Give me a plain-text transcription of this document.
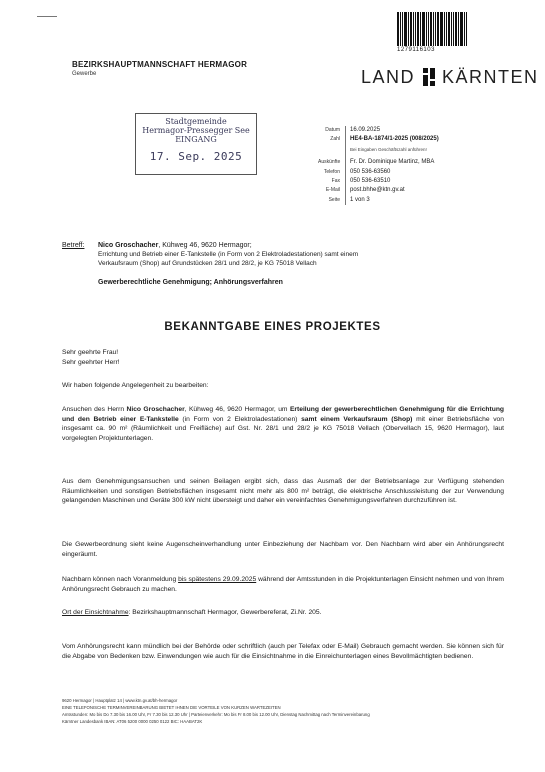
1279116103
BEZIRKSHAUPTMANNSCHAFT HERMAGOR
Gewerbe	LAND KÄRNTEN
Stadtgemeinde
Hermagor-Pressegger See
EINGANG
17. Sep. 2025
Datum	16.09.2025
Zahl	HE4-BA-1874/1-2025 (008/2025)
Bei Eingaben Geschäftszahl anführen!
Auskünfte	Fr. Dr. Dominique Martinz, MBA
Telefon	050 536-63560
Fax	050 536-63510
E-Mail	post.bhhe@ktn.gv.at
Seite	1 von 3
Betreff: Nico Groschacher, Kühweg 46, 9620 Hermagor;
Errichtung und Betrieb einer E-Tankstelle (in Form von 2 Elektroladestationen) samt einem
Verkaufsraum (Shop) auf Grundstücken 28/1 und 28/2, je KG 75018 Vellach
Gewerberechtliche Genehmigung; Anhörungsverfahren
BEKANNTGABE EINES PROJEKTES
Sehr geehrte Frau!
Sehr geehrter Herr!
Wir haben folgende Angelegenheit zu bearbeiten:
Ansuchen des Herrn Nico Groschacher, Kühweg 46, 9620 Hermagor, um Erteilung der gewerberechtlichen Genehmigung für die Errichtung und den Betrieb einer E-Tankstelle (in Form von 2 Elektroladestationen) samt einem Verkaufsraum (Shop) mit einer Betriebsfläche von insgesamt ca. 90 m² (Räumlichkeit und Freifläche) auf Gst. Nr. 28/1 und 28/2 je KG 75018 Vellach (Obervellach 15, 9620 Hermagor), laut vorgelegten Projektunterlagen.
Aus dem Genehmigungsansuchen und seinen Beilagen ergibt sich, dass das Ausmaß der der Betriebsanlage zur Verfügung stehenden Räumlichkeiten und sonstigen Betriebsflächen insgesamt nicht mehr als 800 m² beträgt, die elektrische Anschlussleistung der zur Verwendung gelangenden Maschinen und Geräte 300 kW nicht übersteigt und daher ein vereinfachtes Genehmigungsverfahren durchzuführen ist.
Die Gewerbeordnung sieht keine Augenscheinverhandlung unter Einbeziehung der Nachbarn vor. Den Nachbarn wird aber ein Anhörungsrecht eingeräumt.
Nachbarn können nach Voranmeldung bis spätestens 29.09.2025 während der Amtsstunden in die Projektunterlagen Einsicht nehmen und von Ihrem Anhörungsrecht Gebrauch zu machen.
Ort der Einsichtnahme: Bezirkshauptmannschaft Hermagor, Gewerbereferat, Zi.Nr. 205.
Vom Anhörungsrecht kann mündlich bei der Behörde oder schriftlich (auch per Telefax oder E-Mail) Gebrauch gemacht werden. Sie können sich für die Abgabe von Bedenken bzw. Einwendungen wie auch für die Einsichtnahme in die Einreichunterlagen eines Bevollmächtigten bedienen.
9620 Hermagor | Hauptplatz 14 | www.ktn.gv.at/bh-hermagor
EINE TELEFONISCHE TERMINVEREINBARUNG BIETET IHNEN DIE VORTEILE VON KURZEN WARTEZEITEN
Amtsstunden: Mo bis Do 7.30 bis 16.00 Uhr, Fr 7.30 bis 12.30 Uhr | Parteienverkehr: Mo bis Fr 8.00 bis 12.00 Uhr, Dienstag Nachmittag nach Terminvereinbarung
Kärntner Landesbank IBAN: AT06 5200 0000 0250 0122 BIC: HAABAT2K
